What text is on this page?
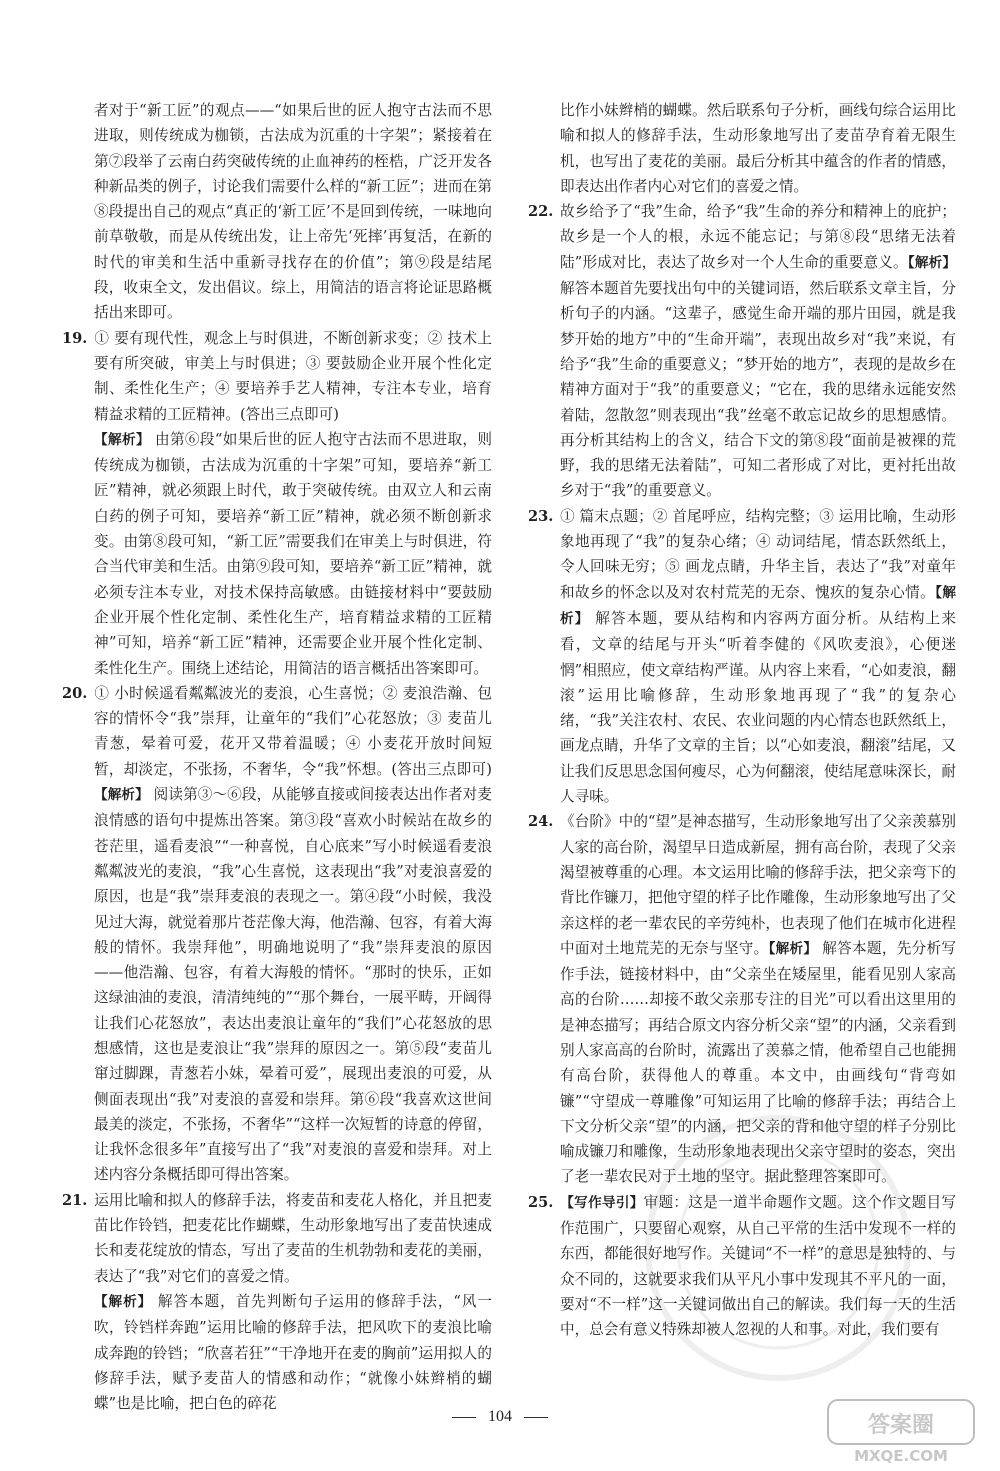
者对于“新工匠”的观点——“如果后世的匠人抱守古法而不思进取，则传统成为枷锁，古法成为沉重的十字架”；紧接着在第⑦段举了云南白药突破传统的止血神药的桎梏，广泛开发各种新品类的例子，讨论我们需要什么样的“新工匠”；进而在第⑧段提出自己的观点“真正的‘新工匠’不是回到传统，一味地向前草敬敬，而是从传统出发，让上帝先‘死摔’再复活，在新的时代的审美和生活中重新寻找存在的价值”；第⑨段是结尾段，收束全文，发出倡议。综上，用简洁的语言将论证思路概括出来即可。

19. ① 要有现代性，观念上与时俱进，不断创新求变；② 技术上要有所突破，审美上与时俱进；③ 要鼓励企业开展个性化定制、柔性化生产；④ 要培养手艺人精神，专注本专业，培育精益求精的工匠精神。(答出三点即可)

【解析】 由第⑥段“如果后世的匠人抱守古法而不思进取，则传统成为枷锁，古法成为沉重的十字架”可知，要培养“新工匠”精神，就必须跟上时代，敢于突破传统。由双立人和云南白药的例子可知，要培养“新工匠”精神，就必须不断创新求变。由第⑧段可知，“新工匠”需要我们在审美上与时俱进，符合当代审美和生活。由第⑨段可知，要培养“新工匠”精神，就必须专注本专业，对技术保持高敏感。由链接材料中“要鼓励企业开展个性化定制、柔性化生产，培育精益求精的工匠精神”可知，培养“新工匠”精神，还需要企业开展个性化定制、柔性化生产。围绕上述结论，用简洁的语言概括出答案即可。

20. ① 小时候遥看粼粼波光的麦浪，心生喜悦；② 麦浪浩瀚、包容的情怀令“我”崇拜，让童年的“我们”心花怒放；③ 麦苗儿青葱，晕着可爱，花开又带着温暖；④ 小麦花开放时间短暂，却淡定，不张扬，不奢华，令“我”怀想。(答出三点即可)【解析】 阅读第③～⑥段，从能够直接或间接表达出作者对麦浪情感的语句中提炼出答案。第③段“喜欢小时候站在故乡的苍茫里，遥看麦浪”“一种喜悦，自心底来”写小时候遥看麦浪粼粼波光的麦浪，“我”心生喜悦，这表现出“我”对麦浪喜爱的原因，也是“我”崇拜麦浪的表现之一。第④段“小时候，我没见过大海，就觉着那片苍茫像大海，他浩瀚、包容，有着大海般的情怀。我崇拜他”，明确地说明了“我”崇拜麦浪的原因——他浩瀚、包容，有着大海般的情怀。“那时的快乐，正如这绿油油的麦浪，清清纯纯的”“那个舞台，一展平畴，开阔得让我们心花怒放”，表达出麦浪让童年的“我们”心花怒放的思想感情，这也是麦浪让“我”崇拜的原因之一。第⑤段“麦苗儿窜过脚踝，青葱若小妹，晕着可爱”，展现出麦浪的可爱，从侧面表现出“我”对麦浪的喜爱和崇拜。第⑥段“我喜欢这世间最美的淡定，不张扬，不奢华”“这样一次短暂的诗意的停留，让我怀念很多年”直接写出了“我”对麦浪的喜爱和崇拜。对上述内容分条概括即可得出答案。

21. 运用比喻和拟人的修辞手法，将麦苗和麦花人格化，并且把麦苗比作铃铛，把麦花比作蝴蝶，生动形象地写出了麦苗快速成长和麦花绽放的情态，写出了麦苗的生机勃勃和麦花的美丽，表达了“我”对它们的喜爱之情。

【解析】 解答本题，首先判断句子运用的修辞手法，“风一吹，铃铛样奔跑”运用比喻的修辞手法，把风吹下的麦浪比喻成奔跑的铃铛；“欣喜若狂”“干净地开在麦的胸前”运用拟人的修辞手法，赋予麦苗人的情感和动作；“就像小妹辫梢的蝴蝶”也是比喻，把白色的碎花

比作小妹辫梢的蝴蝶。然后联系句子分析，画线句综合运用比喻和拟人的修辞手法，生动形象地写出了麦苗孕育着无限生机，也写出了麦花的美丽。最后分析其中蕴含的作者的情感，即表达出作者内心对它们的喜爱之情。

22. 故乡给予了“我”生命，给予“我”生命的养分和精神上的庇护；故乡是一个人的根，永远不能忘记；与第⑧段“思绪无法着陆”形成对比，表达了故乡对一个人生命的重要意义。【解析】 解答本题首先要找出句中的关键词语，然后联系文章主旨，分析句子的内涵。“这辈子，感觉生命开端的那片田园，就是我梦开始的地方”中的“生命开端”，表现出故乡对“我”来说，有给予“我”生命的重要意义；“梦开始的地方”，表现的是故乡在精神方面对于“我”的重要意义；“它在，我的思绪永远能安然着陆，忽散忽”则表现出“我”丝毫不敢忘记故乡的思想感情。再分析其结构上的含义，结合下文的第⑧段“面前是被裸的荒野，我的思绪无法着陆”，可知二者形成了对比，更衬托出故乡对于“我”的重要意义。

23. ① 篇末点题；② 首尾呼应，结构完整；③ 运用比喻，生动形象地再现了“我”的复杂心绪；④ 动词结尾，情态跃然纸上，令人回味无穷；⑤ 画龙点睛，升华主旨，表达了“我”对童年和故乡的怀念以及对农村荒芜的无奈、愧疚的复杂心情。【解析】 解答本题，要从结构和内容两方面分析。从结构上来看，文章的结尾与开头“听着李健的《风吹麦浪》，心便迷惘”相照应，使文章结构严谨。从内容上来看，“心如麦浪，翻滚”运用比喻修辞，生动形象地再现了“我”的复杂心绪，“我”关注农村、农民、农业问题的内心情态也跃然纸上，画龙点睛，升华了文章的主旨；以“心如麦浪，翻滚”结尾，又让我们反思思念国何瘦尽，心为何翻滚，使结尾意味深长，耐人寻味。

24. 《台阶》中的“望”是神态描写，生动形象地写出了父亲羡慕别人家的高台阶，渴望早日造成新屋，拥有高台阶，表现了父亲渴望被尊重的心理。本文运用比喻的修辞手法，把父亲弯下的背比作镰刀，把他守望的样子比作雕像，生动形象地写出了父亲这样的老一辈农民的辛劳纯朴，也表现了他们在城市化进程中面对土地荒芜的无奈与坚守。【解析】 解答本题，先分析写作手法，链接材料中，由“父亲坐在矮屋里，能看见别人家高高的台阶……却接不敢父亲那专注的目光”可以看出这里用的是神态描写；再结合原文内容分析父亲“望”的内涵，父亲看到别人家高高的台阶时，流露出了羡慕之情，他希望自己也能拥有高台阶，获得他人的尊重。本文中，由画线句“背弯如镰”“守望成一尊雕像”可知运用了比喻的修辞手法；再结合上下文分析父亲“望”的内涵，把父亲的背和他守望的样子分别比喻成镰刀和雕像，生动形象地表现出父亲守望时的姿态，突出了老一辈农民对于土地的坚守。据此整理答案即可。

25. 【写作导引】审题：这是一道半命题作文题。这个作文题目写作范围广，只要留心观察，从自己平常的生活中发现不一样的东西，都能很好地写作。关键词“不一样”的意思是独特的、与众不同的，这就要求我们从平凡小事中发现其不平凡的一面，要对“不一样”这一关键词做出自己的解读。我们每一天的生活中，总会有意义特殊却被人忽视的人和事。对此，我们要有

104	答案圈
MXQE.COM
